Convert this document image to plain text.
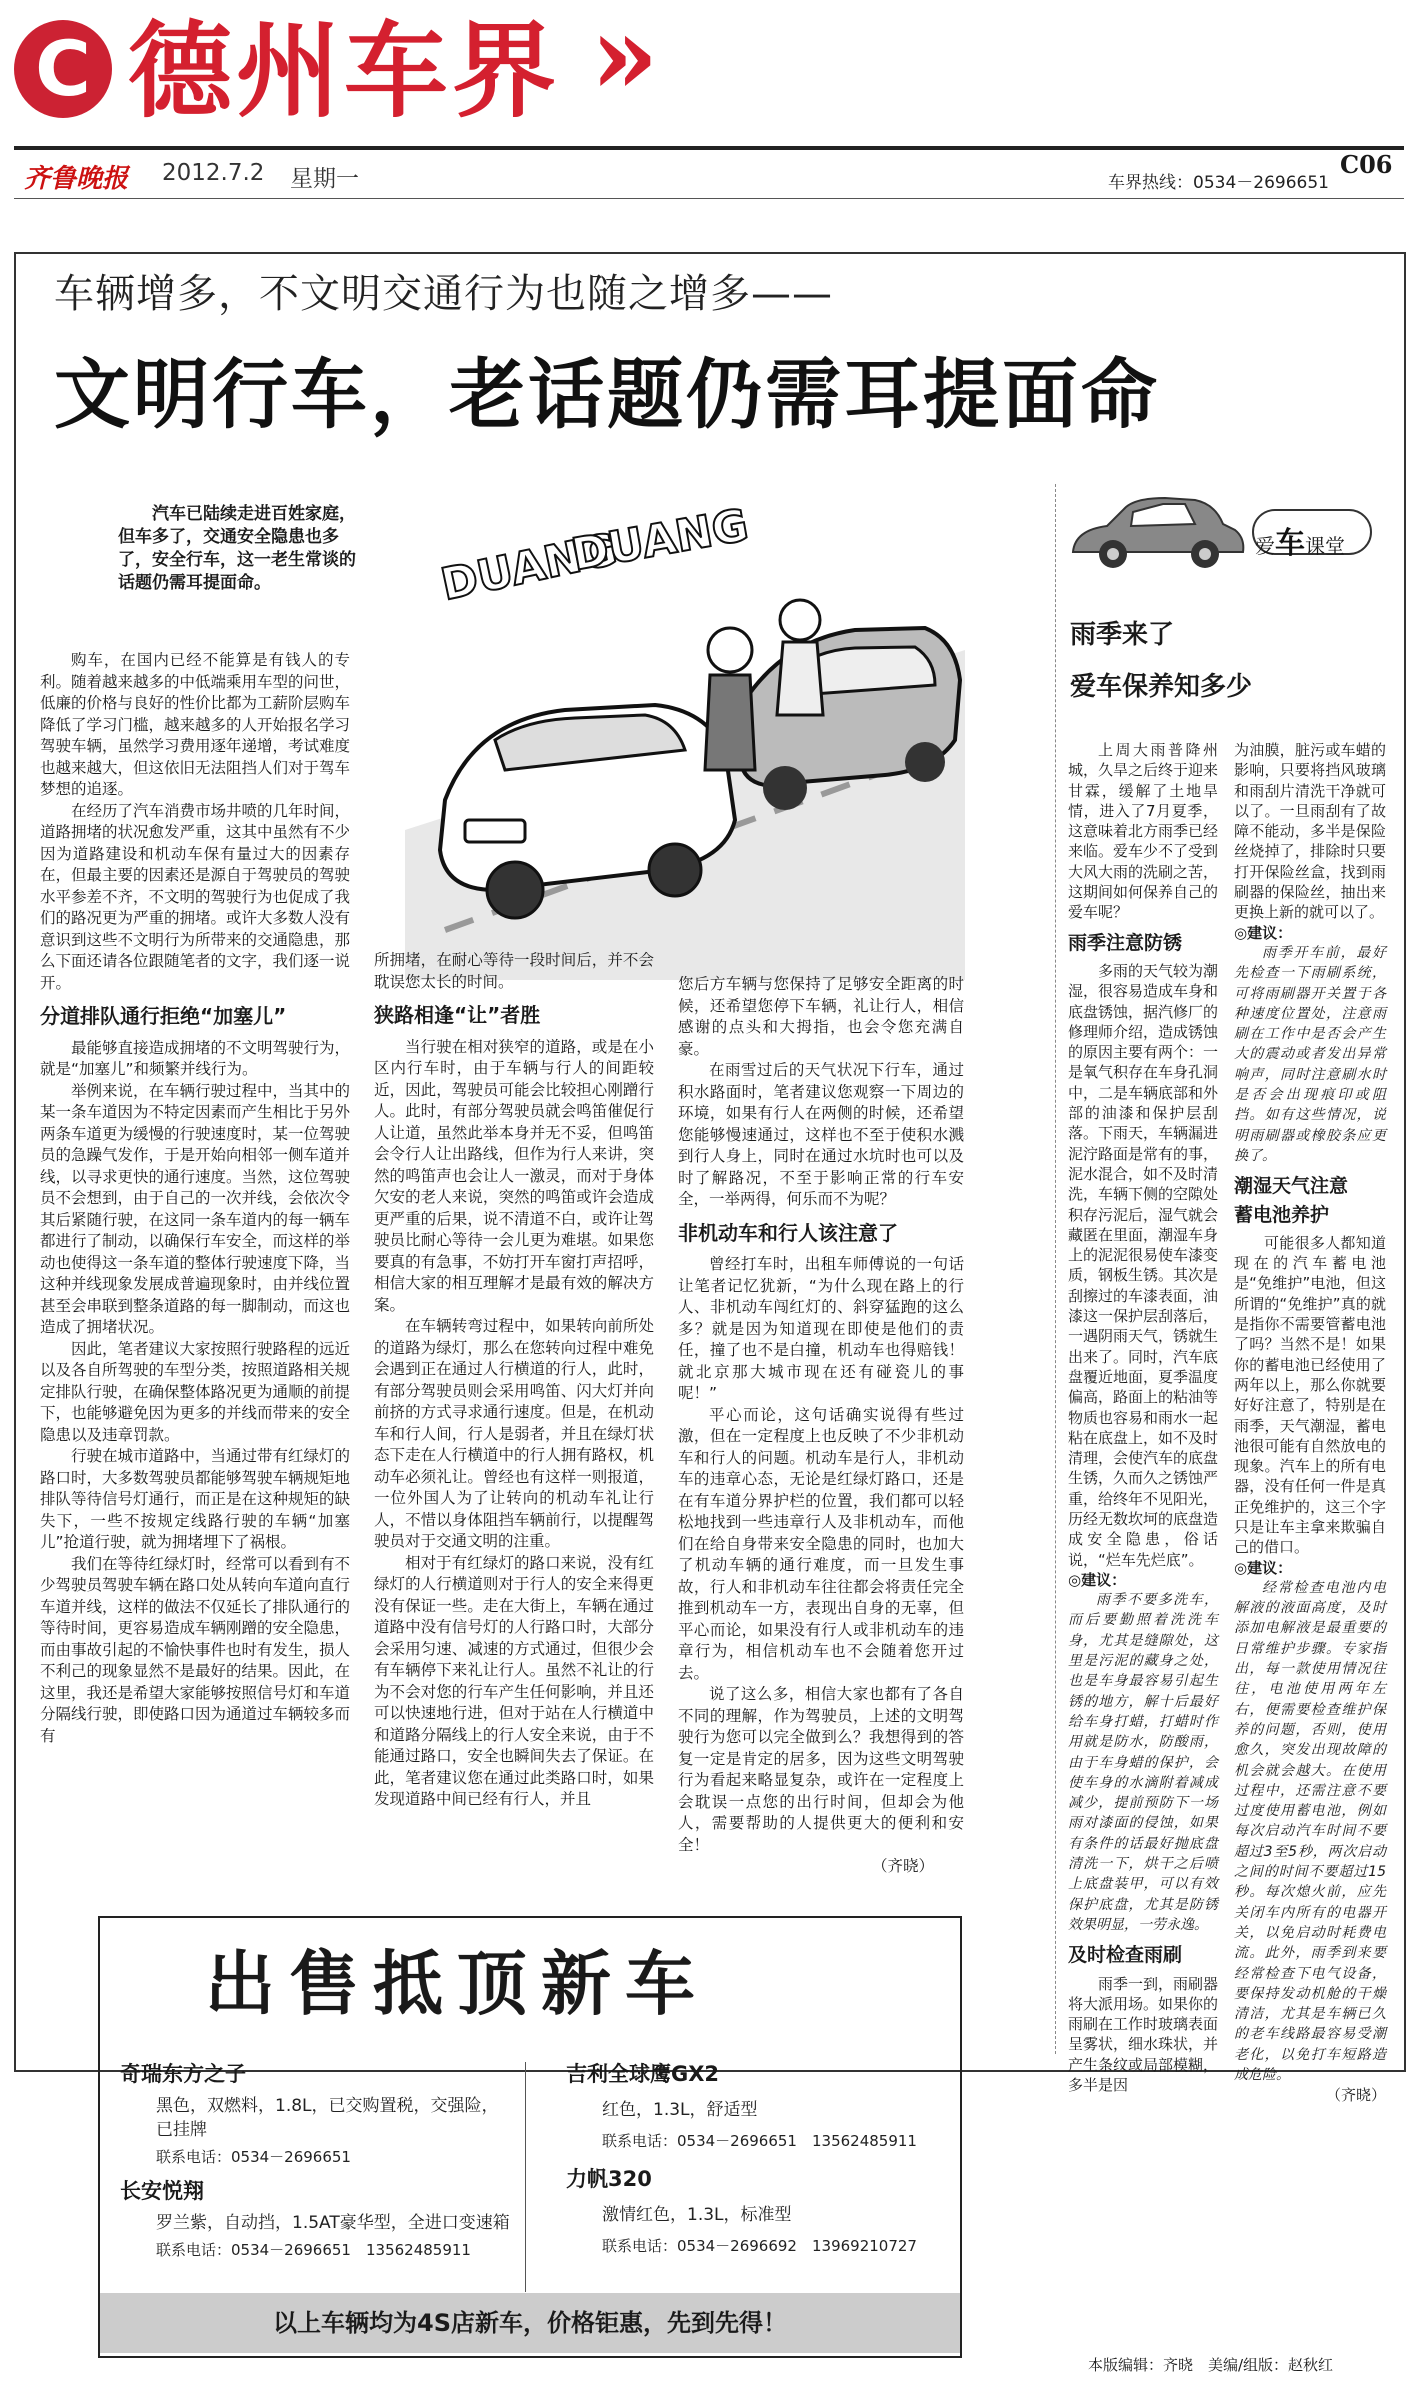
C 德州车界 »
齐鲁晚报 2012.7.2 星期一	车界热线：0534－2696651
C06
车辆增多，不文明交通行为也随之增多——
文明行车，老话题仍需耳提面命

汽车已陆续走进百姓家庭，但车多了，交通安全隐患也多了，安全行车，这一老生常谈的话题仍需耳提面命。	DUANG
DUANG

购车，在国内已经不能算是有钱人的专利。随着越来越多的中低端乘用车型的问世，低廉的价格与良好的性价比都为工薪阶层购车降低了学习门槛，越来越多的人开始报名学习驾驶车辆，虽然学习费用逐年递增，考试难度也越来越大，但这依旧无法阻挡人们对于驾车梦想的追逐。

在经历了汽车消费市场井喷的几年时间，道路拥堵的状况愈发严重，这其中虽然有不少因为道路建设和机动车保有量过大的因素存在，但最主要的因素还是源自于驾驶员的驾驶水平参差不齐，不文明的驾驶行为也促成了我们的路况更为严重的拥堵。或许大多数人没有意识到这些不文明行为所带来的交通隐患，那么下面还请各位跟随笔者的文字，我们逐一说开。

分道排队通行拒绝“加塞儿”

最能够直接造成拥堵的不文明驾驶行为，就是“加塞儿”和频繁并线行为。

举例来说，在车辆行驶过程中，当其中的某一条车道因为不特定因素而产生相比于另外两条车道更为缓慢的行驶速度时，某一位驾驶员的急躁气发作，于是开始向相邻一侧车道并线，以寻求更快的通行速度。当然，这位驾驶员不会想到，由于自己的一次并线，会依次令其后紧随行驶，在这同一条车道内的每一辆车都进行了制动，以确保行车安全，而这样的举动也使得这一条车道的整体行驶速度下降，当这种并线现象发展成普遍现象时，由并线位置甚至会串联到整条道路的每一脚制动，而这也造成了拥堵状况。

因此，笔者建议大家按照行驶路程的远近以及各自所驾驶的车型分类，按照道路相关规定排队行驶，在确保整体路况更为通顺的前提下，也能够避免因为更多的并线而带来的安全隐患以及违章罚款。

行驶在城市道路中，当通过带有红绿灯的路口时，大多数驾驶员都能够驾驶车辆规矩地排队等待信号灯通行，而正是在这种规矩的缺失下，一些不按规定线路行驶的车辆“加塞儿”抢道行驶，就为拥堵埋下了祸根。

我们在等待红绿灯时，经常可以看到有不少驾驶员驾驶车辆在路口处从转向车道向直行车道并线，这样的做法不仅延长了排队通行的等待时间，更容易造成车辆刚蹭的安全隐患，而由事故引起的不愉快事件也时有发生，损人不利己的现象显然不是最好的结果。因此，在这里，我还是希望大家能够按照信号灯和车道分隔线行驶，即使路口因为通道过车辆较多而有

所拥堵，在耐心等待一段时间后，并不会耽误您太长的时间。

狭路相逢“让”者胜

当行驶在相对狭窄的道路，或是在小区内行车时，由于车辆与行人的间距较近，因此，驾驶员可能会比较担心刚蹭行人。此时，有部分驾驶员就会鸣笛催促行人让道，虽然此举本身并无不妥，但鸣笛会令行人让出路线，但作为行人来讲，突然的鸣笛声也会让人一激灵，而对于身体欠安的老人来说，突然的鸣笛或许会造成更严重的后果，说不清道不白，或许让驾驶员比耐心等待一会儿更为难堪。如果您要真的有急事，不妨打开车窗打声招呼，相信大家的相互理解才是最有效的解决方案。

在车辆转弯过程中，如果转向前所处的道路为绿灯，那么在您转向过程中难免会遇到正在通过人行横道的行人，此时，有部分驾驶员则会采用鸣笛、闪大灯并向前挤的方式寻求通行速度。但是，在机动车和行人间，行人是弱者，并且在绿灯状态下走在人行横道中的行人拥有路权，机动车必须礼让。曾经也有这样一则报道，一位外国人为了让转向的机动车礼让行人，不惜以身体阻挡车辆前行，以提醒驾驶员对于交通文明的注重。

相对于有红绿灯的路口来说，没有红绿灯的人行横道则对于行人的安全来得更没有保证一些。走在大街上，车辆在通过道路中没有信号灯的人行路口时，大部分会采用匀速、减速的方式通过，但很少会有车辆停下来礼让行人。虽然不礼让的行为不会对您的行车产生任何影响，并且还可以快速地行进，但对于站在人行横道中和道路分隔线上的行人安全来说，由于不能通过路口，安全也瞬间失去了保证。在此，笔者建议您在通过此类路口时，如果发现道路中间已经有行人，并且

您后方车辆与您保持了足够安全距离的时候，还希望您停下车辆，礼让行人，相信感谢的点头和大拇指，也会令您充满自豪。

在雨雪过后的天气状况下行车，通过积水路面时，笔者建议您观察一下周边的环境，如果有行人在两侧的时候，还希望您能够慢速通过，这样也不至于使积水溅到行人身上，同时在通过水坑时也可以及时了解路况，不至于影响正常的行车安全，一举两得，何乐而不为呢？

非机动车和行人该注意了

曾经打车时，出租车师傅说的一句话让笔者记忆犹新，“为什么现在路上的行人、非机动车闯红灯的、斜穿猛跑的这么多？就是因为知道现在即使是他们的责任，撞了也不是白撞，机动车也得赔钱！就北京那大城市现在还有碰瓷儿的事呢！”

平心而论，这句话确实说得有些过激，但在一定程度上也反映了不少非机动车和行人的问题。机动车是行人，非机动车的违章心态，无论是红绿灯路口，还是在有车道分界护栏的位置，我们都可以轻松地找到一些违章行人及非机动车，而他们在给自身带来安全隐患的同时，也加大了机动车辆的通行难度，而一旦发生事故，行人和非机动车往往都会将责任完全推到机动车一方，表现出自身的无辜，但平心而论，如果没有行人或非机动车的违章行为，相信机动车也不会随着您开过去。

说了这么多，相信大家也都有了各自不同的理解，作为驾驶员，上述的文明驾驶行为您可以完全做到么？我想得到的答复一定是肯定的居多，因为这些文明驾驶行为看起来略显复杂，或许在一定程度上会耽误一点您的出行时间，但却会为他人，需要帮助的人提供更大的便利和安全！

（齐晓）
爱车课堂
雨季来了
爱车保养知多少

上周大雨普降州城，久旱之后终于迎来甘霖，缓解了土地旱情，进入了7月夏季，这意味着北方雨季已经来临。爱车少不了受到大风大雨的洗刷之苦，这期间如何保养自己的爱车呢？

雨季注意防锈

多雨的天气较为潮湿，很容易造成车身和底盘锈蚀，据汽修厂的修理师介绍，造成锈蚀的原因主要有两个：一是氧气积存在车身孔洞中，二是车辆底部和外部的油漆和保护层刮落。下雨天，车辆漏进泥泞路面是常有的事，泥水混合，如不及时清洗，车辆下侧的空隙处积存污泥后，湿气就会藏匿在里面，潮湿车身上的泥泥很易使车漆变质，钢板生锈。其次是刮擦过的车漆表面，油漆这一保护层刮落后，一遇阴雨天气，锈就生出来了。同时，汽车底盘覆近地面，夏季温度偏高，路面上的粘油等物质也容易和雨水一起粘在底盘上，如不及时清理，会使汽车的底盘生锈，久而久之锈蚀严重，给终年不见阳光，历经无数坎坷的底盘造成安全隐患，俗话说，“烂车先烂底”。

◎建议：

雨季不要多洗车，而后要勤照着洗洗车身，尤其是缝隙处，这里是污泥的藏身之处，也是车身最容易引起生锈的地方，解十后最好给车身打蜡，打蜡时作用就是防水，防酸雨，由于车身蜡的保护，会使车身的水滴附着减成减少，提前预防下一场雨对漆面的侵蚀，如果有条件的话最好抛底盘清洗一下，烘干之后喷上底盘装甲，可以有效保护底盘，尤其是防锈效果明显，一劳永逸。

及时检查雨刷

雨季一到，雨刷器将大派用场。如果你的雨刷在工作时玻璃表面呈雾状，细水珠状，并产生条纹或局部模糊，多半是因

为油膜，脏污或车蜡的影响，只要将挡风玻璃和雨刮片清洗干净就可以了。一旦雨刮有了故障不能动，多半是保险丝烧掉了，排除时只要打开保险丝盒，找到雨刷器的保险丝，抽出来更换上新的就可以了。

◎建议：

雨季开车前，最好先检查一下雨刷系统，可将雨刷器开关置于各种速度位置处，注意雨刷在工作中是否会产生大的震动或者发出异常响声，同时注意刷水时是否会出现痕印或阻挡。如有这些情况，说明雨刷器或橡胶条应更换了。

潮湿天气注意
蓄电池养护

可能很多人都知道现在的汽车蓄电池是“免维护”电池，但这所谓的“免维护”真的就是指你不需要管蓄电池了吗？当然不是！如果你的蓄电池已经使用了两年以上，那么你就要好好注意了，特别是在雨季，天气潮湿，蓄电池很可能有自然放电的现象。汽车上的所有电器，没有任何一件是真正免维护的，这三个字只是让车主拿来欺骗自己的借口。

◎建议：

经常检查电池内电解液的液面高度，及时添加电解液是最重要的日常维护步骤。专家指出，每一款使用情况往往，电池使用两年左右，便需要检查维护保养的问题，否则，使用愈久，突发出现故障的机会就会越大。在使用过程中，还需注意不要过度使用蓄电池，例如每次启动汽车时间不要超过3至5秒，两次启动之间的时间不要超过15秒。每次熄火前，应先关闭车内所有的电器开关，以免启动时耗费电流。此外，雨季到来要经常检查下电气设备，要保持发动机舱的干燥清洁，尤其是车辆已久的老车线路最容易受潮老化，以免打车短路造成危险。

（齐晓）
出售抵顶新车
奇瑞东方之子
黑色，双燃料，1.8L，已交购置税，交强险，已挂牌
联系电话：0534－2696651
长安悦翔
罗兰紫，自动挡，1.5AT豪华型，全进口变速箱
联系电话：0534－2696651　 13562485911
吉利全球鹰GX2
红色，1.3L，舒适型
联系电话：0534－2696651　 13562485911
力帆320
激情红色，1.3L，标准型
联系电话：0534－2696692　 13969210727
以上车辆均为4S店新车，价格钜惠，先到先得！
本版编辑：齐晓　美编/组版：赵秋红
